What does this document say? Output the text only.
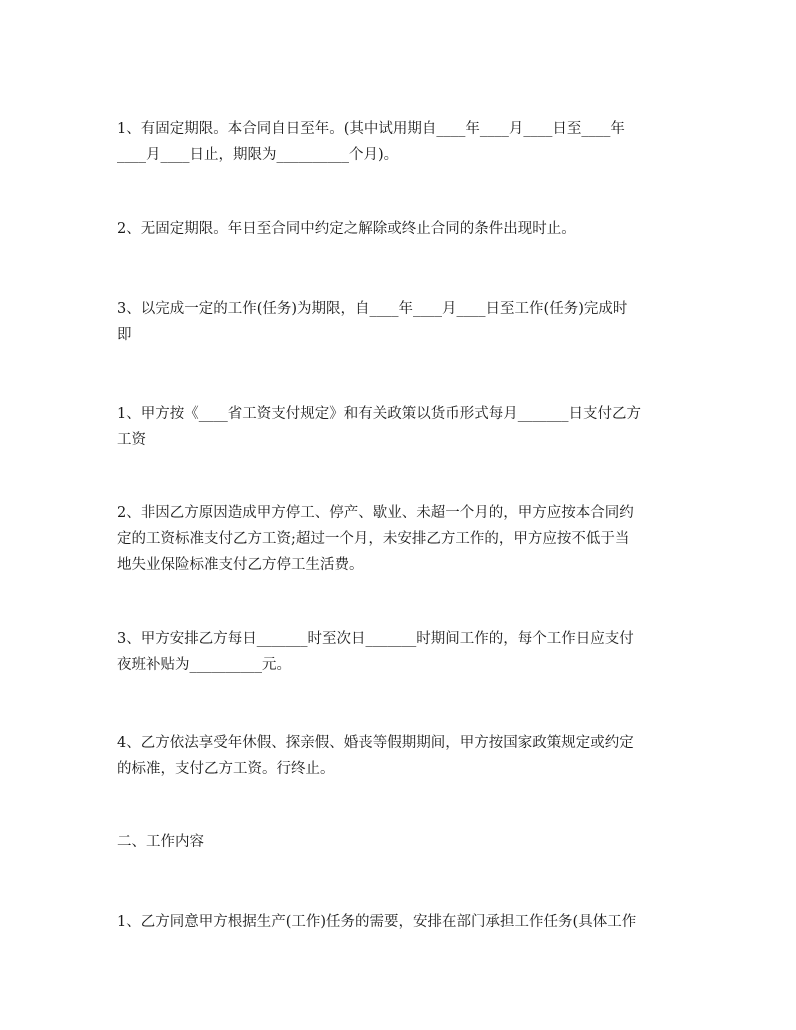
1、有固定期限。本合同自日至年。(其中试用期自____年____月____日至____年
____月____日止，期限为__________个月)。

2、无固定期限。年日至合同中约定之解除或终止合同的条件出现时止。

3、以完成一定的工作(任务)为期限，自____年____月____日至工作(任务)完成时
即

1、甲方按《____省工资支付规定》和有关政策以货币形式每月_______日支付乙方
工资

2、非因乙方原因造成甲方停工、停产、歇业、未超一个月的，甲方应按本合同约
定的工资标准支付乙方工资;超过一个月，未安排乙方工作的，甲方应按不低于当
地失业保险标准支付乙方停工生活费。

3、甲方安排乙方每日_______时至次日_______时期间工作的，每个工作日应支付
夜班补贴为__________元。

4、乙方依法享受年休假、探亲假、婚丧等假期期间，甲方按国家政策规定或约定
的标准，支付乙方工资。行终止。

二、工作内容

1、乙方同意甲方根据生产(工作)任务的需要，安排在部门承担工作任务(具体工作
